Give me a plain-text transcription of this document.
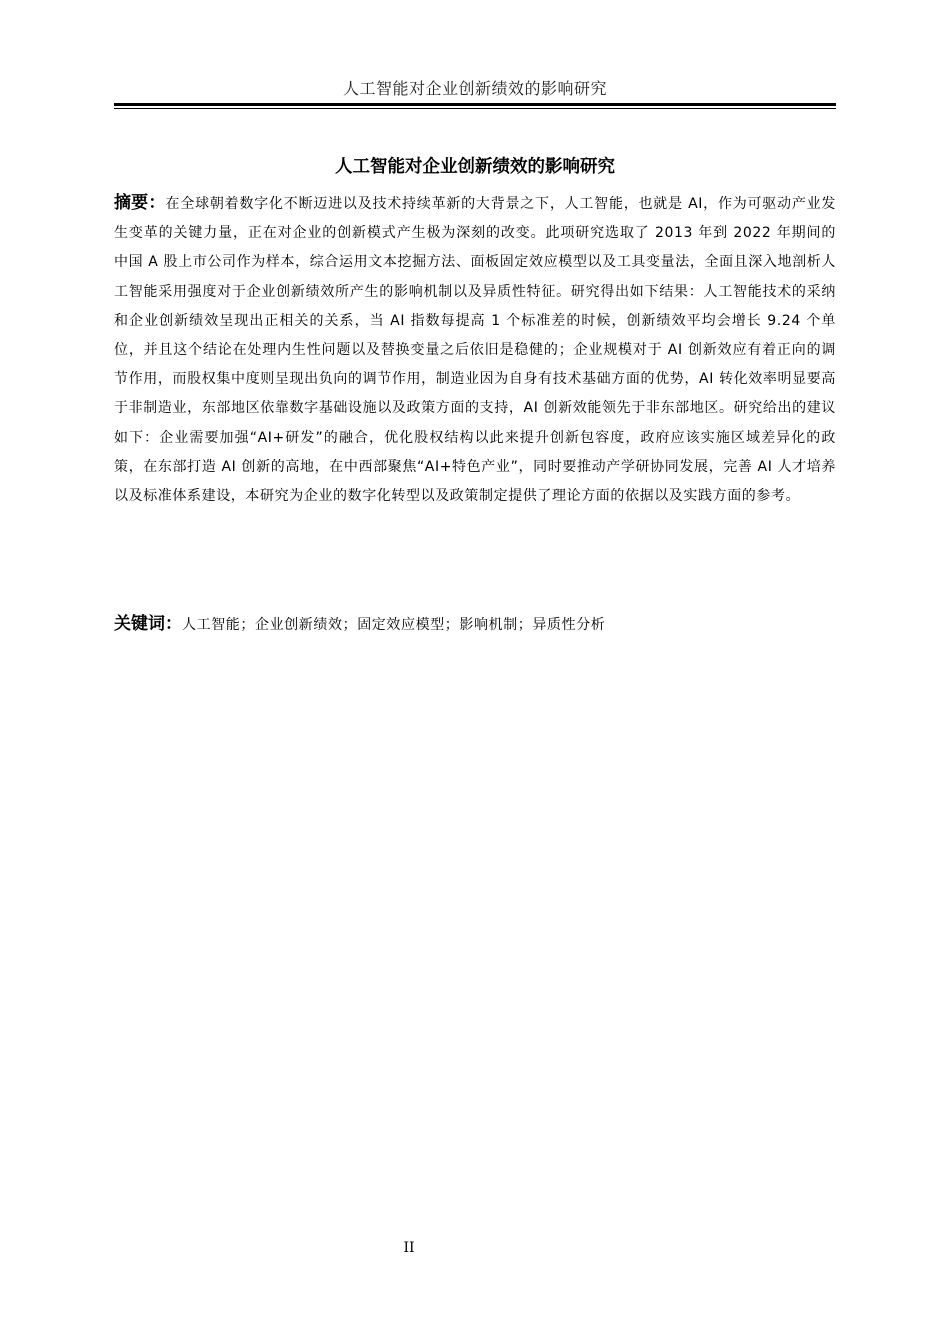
人工智能对企业创新绩效的影响研究
人工智能对企业创新绩效的影响研究

摘要：在全球朝着数字化不断迈进以及技术持续革新的大背景之下，人工智能，也就是 AI，作为可驱动产业发生变革的关键力量，正在对企业的创新模式产生极为深刻的改变。此项研究选取了 2013 年到 2022 年期间的中国 A 股上市公司作为样本，综合运用文本挖掘方法、面板固定效应模型以及工具变量法，全面且深入地剖析人工智能采用强度对于企业创新绩效所产生的影响机制以及异质性特征。研究得出如下结果：人工智能技术的采纳和企业创新绩效呈现出正相关的关系，当 AI 指数每提高 1 个标准差的时候，创新绩效平均会增长 9.24 个单位，并且这个结论在处理内生性问题以及替换变量之后依旧是稳健的；企业规模对于 AI 创新效应有着正向的调节作用，而股权集中度则呈现出负向的调节作用，制造业因为自身有技术基础方面的优势，AI 转化效率明显要高于非制造业，东部地区依靠数字基础设施以及政策方面的支持，AI 创新效能领先于非东部地区。研究给出的建议如下：企业需要加强“AI+研发”的融合，优化股权结构以此来提升创新包容度，政府应该实施区域差异化的政策，在东部打造 AI 创新的高地，在中西部聚焦“AI+特色产业”，同时要推动产学研协同发展，完善 AI 人才培养以及标准体系建设，本研究为企业的数字化转型以及政策制定提供了理论方面的依据以及实践方面的参考。

关键词：人工智能；企业创新绩效；固定效应模型；影响机制；异质性分析

II
